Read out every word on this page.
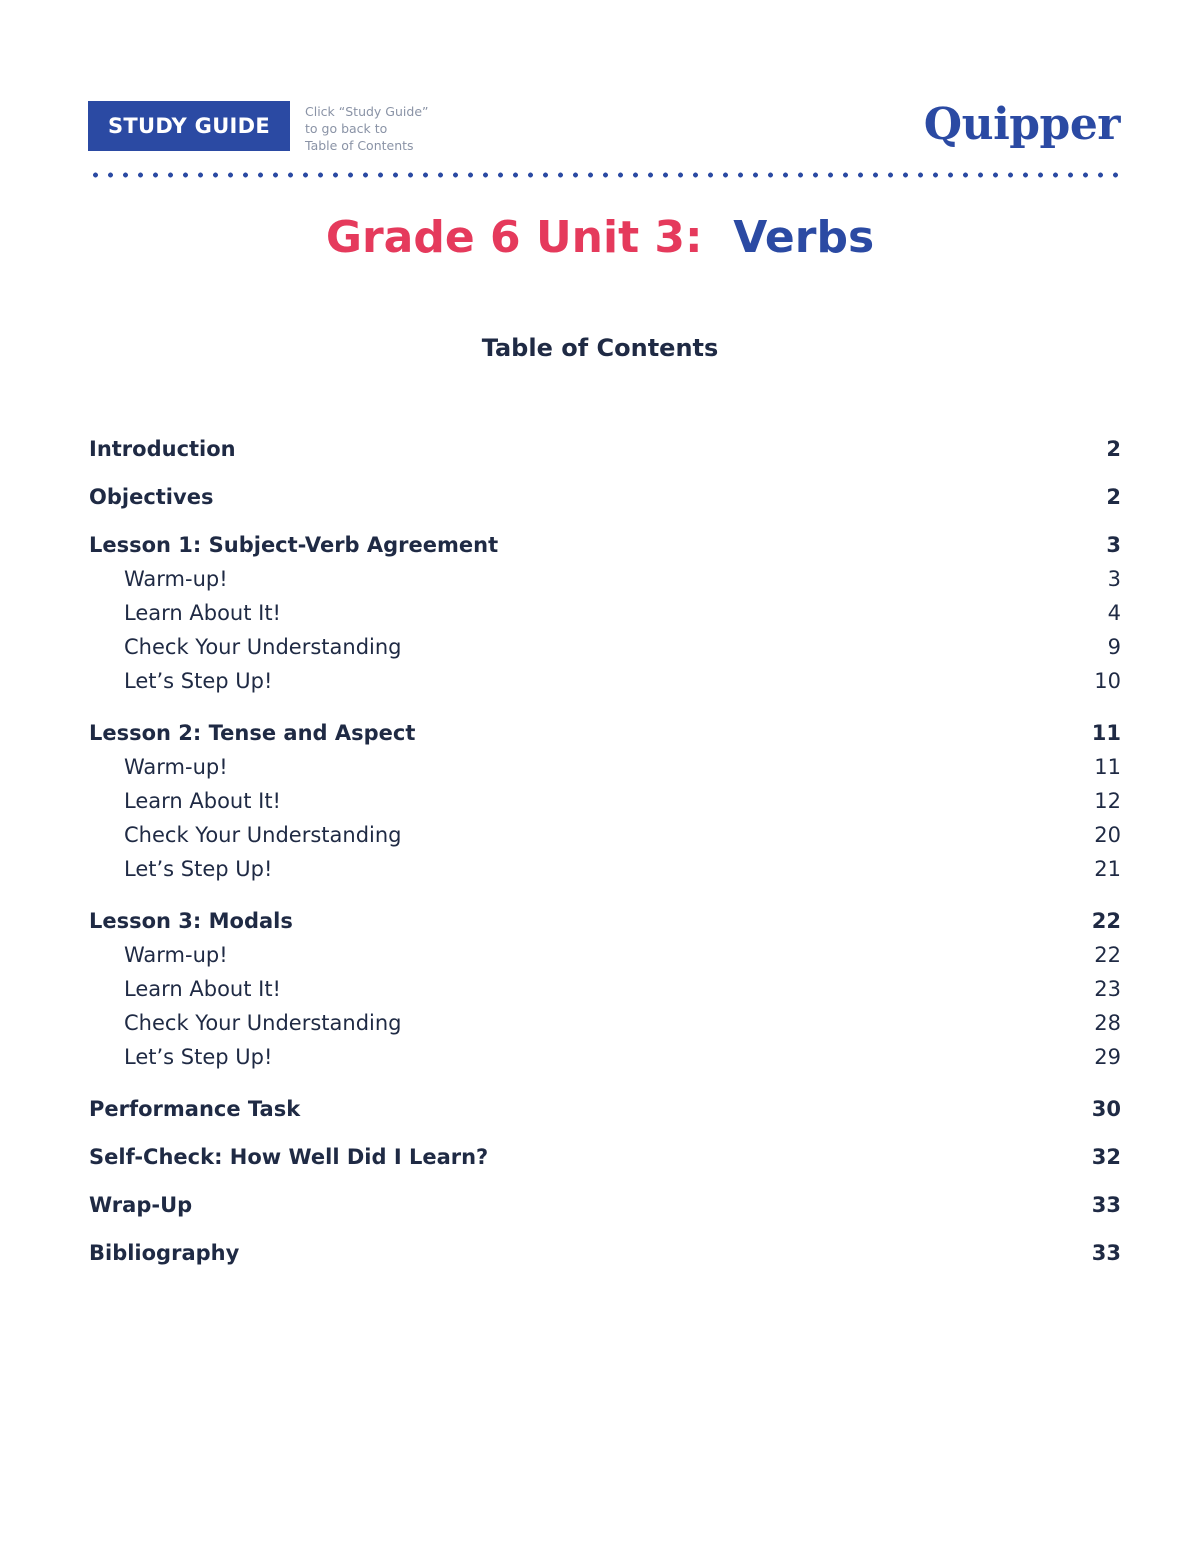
STUDY GUIDE
Click “Study Guide”
to go back to
Table of Contents	Quipper
Grade 6 Unit 3: Verbs
Table of Contents
Introduction	2
Objectives	2
Lesson 1: Subject-Verb Agreement	3
Warm-up!	3
Learn About It!	4
Check Your Understanding	9
Let’s Step Up!	10
Lesson 2: Tense and Aspect	11
Warm-up!	11
Learn About It!	12
Check Your Understanding	20
Let’s Step Up!	21
Lesson 3: Modals	22
Warm-up!	22
Learn About It!	23
Check Your Understanding	28
Let’s Step Up!	29
Performance Task	30
Self-Check: How Well Did I Learn?	32
Wrap-Up	33
Bibliography	33
